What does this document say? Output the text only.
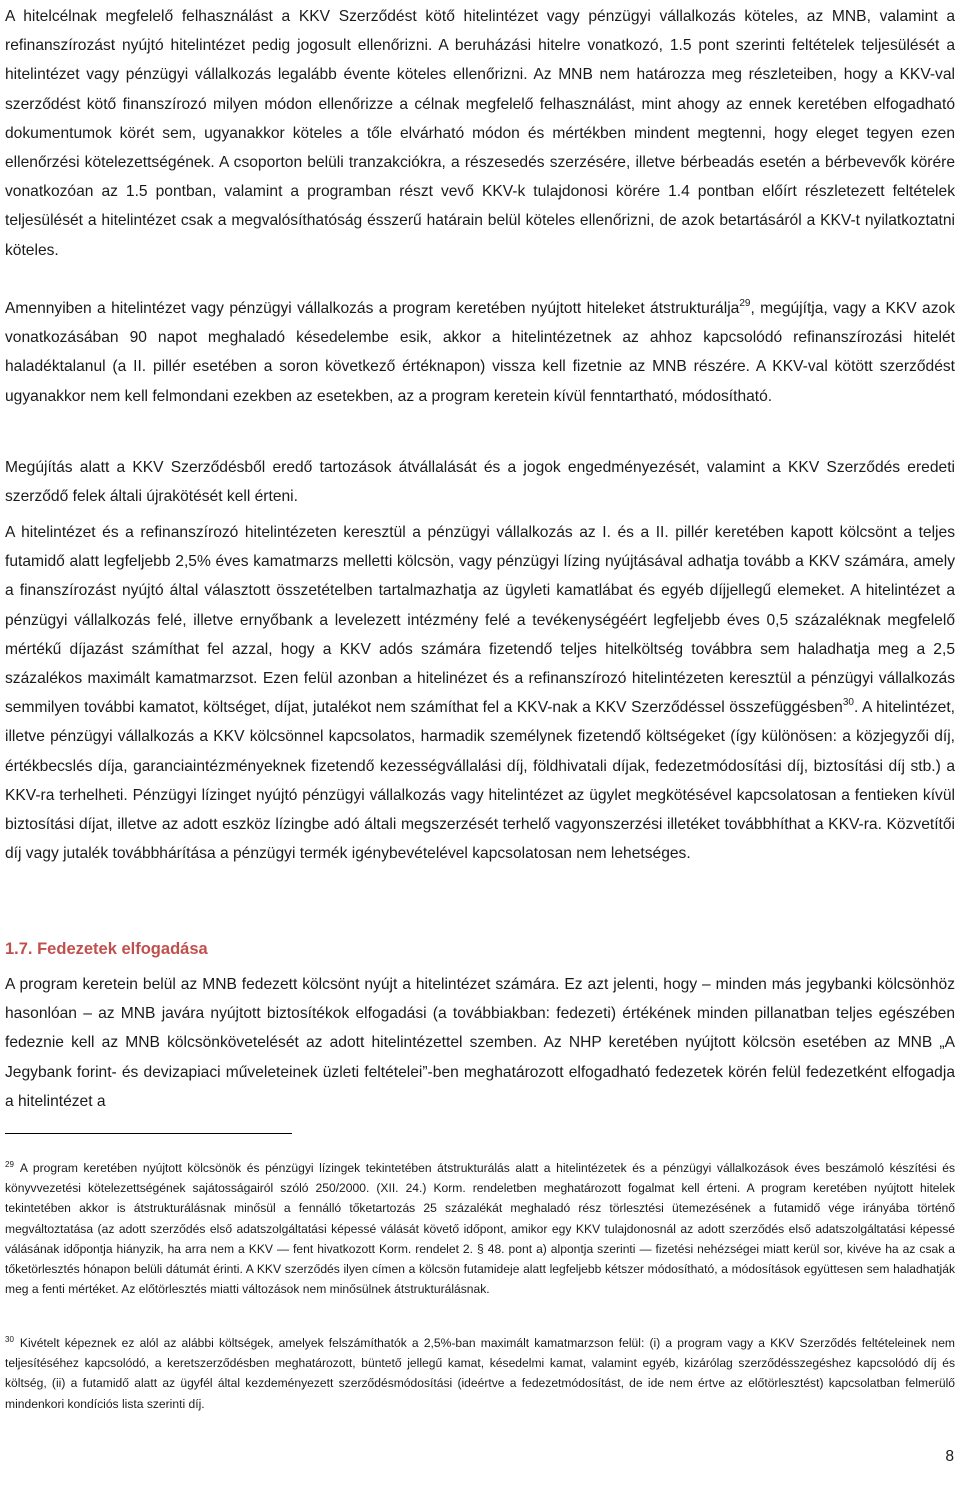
A hitelcélnak megfelelő felhasználást a KKV Szerződést kötő hitelintézet vagy pénzügyi vállalkozás köteles, az MNB, valamint a refinanszírozást nyújtó hitelintézet pedig jogosult ellenőrizni. A beruházási hitelre vonatkozó, 1.5 pont szerinti feltételek teljesülését a hitelintézet vagy pénzügyi vállalkozás legalább évente köteles ellenőrizni. Az MNB nem határozza meg részleteiben, hogy a KKV-val szerződést kötő finanszírozó milyen módon ellenőrizze a célnak megfelelő felhasználást, mint ahogy az ennek keretében elfogadható dokumentumok körét sem, ugyanakkor köteles a tőle elvárható módon és mértékben mindent megtenni, hogy eleget tegyen ezen ellenőrzési kötelezettségének. A csoporton belüli tranzakciókra, a részesedés szerzésére, illetve bérbeadás esetén a bérbevevők körére vonatkozóan az 1.5 pontban, valamint a programban részt vevő KKV-k tulajdonosi körére 1.4 pontban előírt részletezett feltételek teljesülését a hitelintézet csak a megvalósíthatóság ésszerű határain belül köteles ellenőrizni, de azok betartásáról a KKV-t nyilatkoztatni köteles.

Amennyiben a hitelintézet vagy pénzügyi vállalkozás a program keretében nyújtott hiteleket átstrukturálja$^{29}$, megújítja, vagy a KKV azok vonatkozásában 90 napot meghaladó késedelembe esik, akkor a hitelintézetnek az ahhoz kapcsolódó refinanszírozási hitelét haladéktalanul (a II. pillér esetében a soron következő értéknapon) vissza kell fizetnie az MNB részére. A KKV-val kötött szerződést ugyanakkor nem kell felmondani ezekben az esetekben, az a program keretein kívül fenntartható, módosítható.

Megújítás alatt a KKV Szerződésből eredő tartozások átvállalását és a jogok engedményezését, valamint a KKV Szerződés eredeti szerződő felek általi újrakötését kell érteni.

A hitelintézet és a refinanszírozó hitelintézeten keresztül a pénzügyi vállalkozás az I. és a II. pillér keretében kapott kölcsönt a teljes futamidő alatt legfeljebb 2,5% éves kamatmarzs melletti kölcsön, vagy pénzügyi lízing nyújtásával adhatja tovább a KKV számára, amely a finanszírozást nyújtó által választott összetételben tartalmazhatja az ügyleti kamatlábat és egyéb díjjellegű elemeket. A hitelintézet a pénzügyi vállalkozás felé, illetve ernyőbank a levelezett intézmény felé a tevékenységéért legfeljebb éves 0,5 százaléknak megfelelő mértékű díjazást számíthat fel azzal, hogy a KKV adós számára fizetendő teljes hitelköltség továbbra sem haladhatja meg a 2,5 százalékos maximált kamatmarzsot. Ezen felül azonban a hitelinézet és a refinanszírozó hitelintézeten keresztül a pénzügyi vállalkozás semmilyen további kamatot, költséget, díjat, jutalékot nem számíthat fel a KKV-nak a KKV Szerződéssel összefüggésben$^{30}$. A hitelintézet, illetve pénzügyi vállalkozás a KKV kölcsönnel kapcsolatos, harmadik személynek fizetendő költségeket (így különösen: a közjegyzői díj, értékbecslés díja, garanciaintézményeknek fizetendő kezességvállalási díj, földhivatali díjak, fedezetmódosítási díj, biztosítási díj stb.) a KKV-ra terhelheti. Pénzügyi lízinget nyújtó pénzügyi vállalkozás vagy hitelintézet az ügylet megkötésével kapcsolatosan a fentieken kívül biztosítási díjat, illetve az adott eszköz lízingbe adó általi megszerzését terhelő vagyonszerzési illetéket továbbhíthat a KKV-ra. Közvetítői díj vagy jutalék továbbhárítása a pénzügyi termék igénybevételével kapcsolatosan nem lehetséges.

1.7. Fedezetek elfogadása

A program keretein belül az MNB fedezett kölcsönt nyújt a hitelintézet számára. Ez azt jelenti, hogy – minden más jegybanki kölcsönhöz hasonlóan – az MNB javára nyújtott biztosítékok elfogadási (a továbbiakban: fedezeti) értékének minden pillanatban teljes egészében fedeznie kell az MNB kölcsönkövetelését az adott hitelintézettel szemben. Az NHP keretében nyújtott kölcsön esetében az MNB „A Jegybank forint- és devizapiaci műveleteinek üzleti feltételei”-ben meghatározott elfogadható fedezetek körén felül fedezetként elfogadja a hitelintézet a

$^{29}$ A program keretében nyújtott kölcsönök és pénzügyi lízingek tekintetében átstrukturálás alatt a hitelintézetek és a pénzügyi vállalkozások éves beszámoló készítési és könyvvezetési kötelezettségének sajátosságairól szóló 250/2000. (XII. 24.) Korm. rendeletben meghatározott fogalmat kell érteni. A program keretében nyújtott hitelek tekintetében akkor is átstrukturálásnak minősül a fennálló tőketartozás 25 százalékát meghaladó rész törlesztési ütemezésének a futamidő vége irányába történő megváltoztatása (az adott szerződés első adatszolgáltatási képessé válását követő időpont, amikor egy KKV tulajdonosnál az adott szerződés első adatszolgáltatási képessé válásának időpontja hiányzik, ha arra nem a KKV — fent hivatkozott Korm. rendelet 2. § 48. pont a) alpontja szerinti — fizetési nehézségei miatt kerül sor, kivéve ha az csak a tőketörlesztés hónapon belüli dátumát érinti. A KKV szerződés ilyen címen a kölcsön futamideje alatt legfeljebb kétszer módosítható, a módosítások együttesen sem haladhatják meg a fenti mértéket. Az előtörlesztés miatti változások nem minősülnek átstrukturálásnak.

$^{30}$ Kivételt képeznek ez alól az alábbi költségek, amelyek felszámíthatók a 2,5%-ban maximált kamatmarzson felül: (i) a program vagy a KKV Szerződés feltételeinek nem teljesítéséhez kapcsolódó, a keretszerződésben meghatározott, büntető jellegű kamat, késedelmi kamat, valamint egyéb, kizárólag szerződésszegéshez kapcsolódó díj és költség, (ii) a futamidő alatt az ügyfél által kezdeményezett szerződésmódosítási (ideértve a fedezetmódosítást, de ide nem értve az előtörlesztést) kapcsolatban felmerülő mindenkori kondíciós lista szerinti díj.

8
